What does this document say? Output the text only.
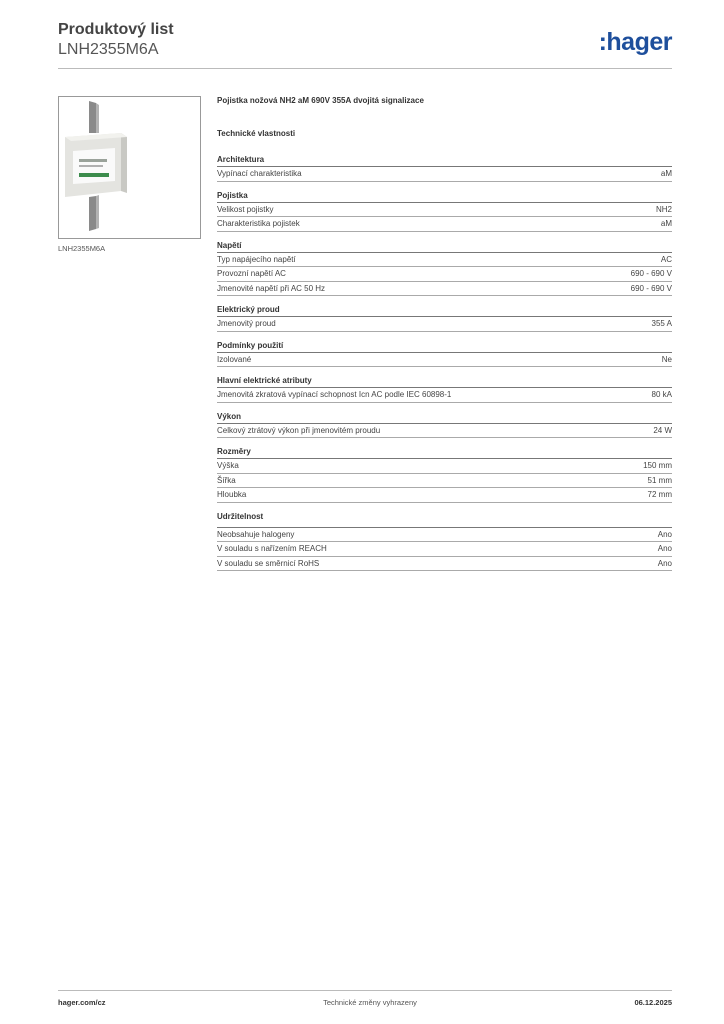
Produktový list
LNH2355M6A	:hager
LNH2355M6A
Pojistka nožová NH2 aM 690V 355A dvojitá signalizace
Technické vlastnosti
Architektura
Vypínací charakteristika	aM
Pojistka
Velikost pojistky	NH2
Charakteristika pojistek	aM
Napětí
Typ napájecího napětí	AC
Provozní napětí AC	690 - 690 V
Jmenovité napětí při AC 50 Hz	690 - 690 V
Elektrický proud
Jmenovitý proud	355 A
Podmínky použití
Izolované	Ne
Hlavní elektrické atributy
Jmenovitá zkratová vypínací schopnost Icn AC podle IEC 60898-1	80 kA
Výkon
Celkový ztrátový výkon při jmenovitém proudu	24 W
Rozměry
Výška	150 mm
Šířka	51 mm
Hloubka	72 mm
Udržitelnost
Neobsahuje halogeny	Ano
V souladu s nařízením REACH	Ano
V souladu se směrnicí RoHS	Ano
hager.com/cz	Technické změny vyhrazeny	06.12.2025
